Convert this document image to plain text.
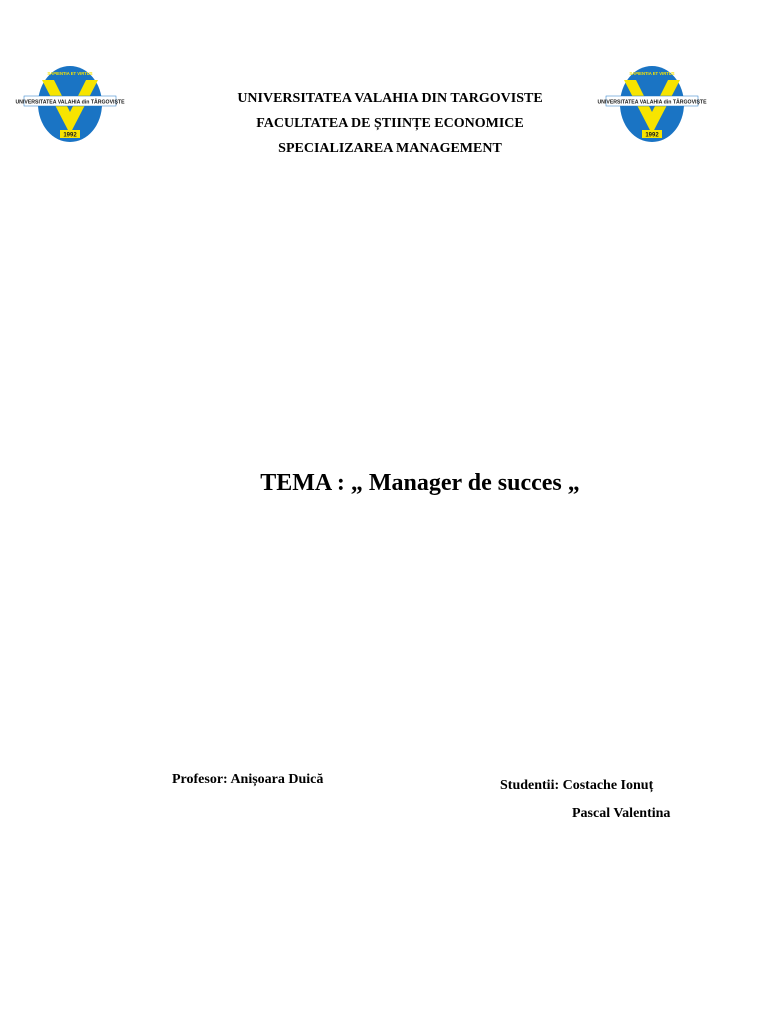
UNIVERSITATEA VALAHIA din TÂRGOVIŞTE
SAPIENTIA ET VIRTUS
1992
UNIVERSITATEA VALAHIA din TÂRGOVIŞTE
SAPIENTIA ET VIRTUS
1992
UNIVERSITATEA VALAHIA DIN TARGOVISTE
FACULTATEA DE ȘTIINȚE ECONOMICE
SPECIALIZAREA MANAGEMENT
TEMA : „ Manager de succes „
Profesor: Anișoara Duică	Studentii: Costache Ionuț
Pascal Valentina
